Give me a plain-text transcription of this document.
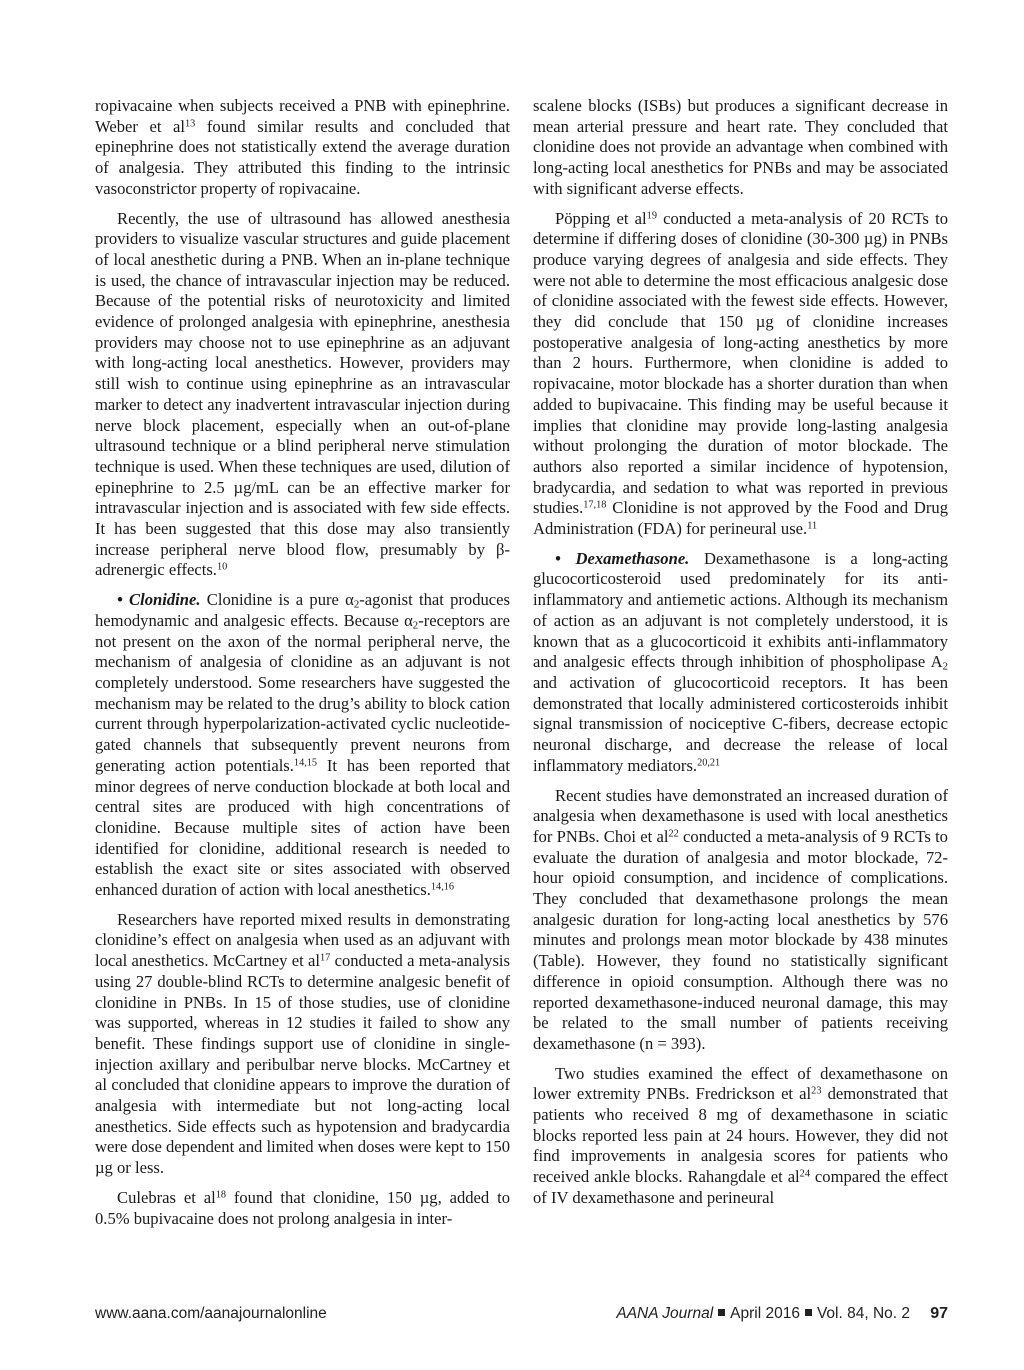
ropivacaine when subjects received a PNB with epinephrine. Weber et $al^{13}$ found similar results and concluded that epinephrine does not statistically extend the average duration of analgesia. They attributed this finding to the intrinsic vasoconstrictor property of ropivacaine.

Recently, the use of ultrasound has allowed anesthesia providers to visualize vascular structures and guide placement of local anesthetic during a PNB. When an in-plane technique is used, the chance of intravascular injection may be reduced. Because of the potential risks of neurotoxicity and limited evidence of prolonged analgesia with epinephrine, anesthesia providers may choose not to use epinephrine as an adjuvant with long-acting local anesthetics. However, providers may still wish to continue using epinephrine as an intravascular marker to detect any inadvertent intravascular injection during nerve block placement, especially when an out-of-plane ultrasound technique or a blind peripheral nerve stimulation technique is used. When these techniques are used, dilution of epinephrine to 2.5 µg/mL can be an effective marker for intravascular injection and is associated with few side effects. It has been suggested that this dose may also transiently increase peripheral nerve blood flow, presumably by β-adrenergic effects.$^{10}$

• Clonidine. Clonidine is a pure $\alpha_2$-agonist that produces hemodynamic and analgesic effects. Because $\alpha_2$-receptors are not present on the axon of the normal peripheral nerve, the mechanism of analgesia of clonidine as an adjuvant is not completely understood. Some researchers have suggested the mechanism may be related to the drug’s ability to block cation current through hyperpolarization-activated cyclic nucleotide-gated channels that subsequently prevent neurons from generating action potentials.$^{14,15}$ It has been reported that minor degrees of nerve conduction blockade at both local and central sites are produced with high concentrations of clonidine. Because multiple sites of action have been identified for clonidine, additional research is needed to establish the exact site or sites associated with observed enhanced duration of action with local anesthetics.$^{14,16}$

Researchers have reported mixed results in demonstrating clonidine’s effect on analgesia when used as an adjuvant with local anesthetics. McCartney et $al^{17}$ conducted a meta-analysis using 27 double-blind RCTs to determine analgesic benefit of clonidine in PNBs. In 15 of those studies, use of clonidine was supported, whereas in 12 studies it failed to show any benefit. These findings support use of clonidine in single-injection axillary and peribulbar nerve blocks. McCartney et al concluded that clonidine appears to improve the duration of analgesia with intermediate but not long-acting local anesthetics. Side effects such as hypotension and bradycardia were dose dependent and limited when doses were kept to 150 µg or less.

Culebras et $al^{18}$ found that clonidine, 150 µg, added to 0.5% bupivacaine does not prolong analgesia in inter-

scalene blocks (ISBs) but produces a significant decrease in mean arterial pressure and heart rate. They concluded that clonidine does not provide an advantage when combined with long-acting local anesthetics for PNBs and may be associated with significant adverse effects.

Pöpping et $al^{19}$ conducted a meta-analysis of 20 RCTs to determine if differing doses of clonidine (30-300 µg) in PNBs produce varying degrees of analgesia and side effects. They were not able to determine the most efficacious analgesic dose of clonidine associated with the fewest side effects. However, they did conclude that 150 µg of clonidine increases postoperative analgesia of long-acting anesthetics by more than 2 hours. Furthermore, when clonidine is added to ropivacaine, motor blockade has a shorter duration than when added to bupivacaine. This finding may be useful because it implies that clonidine may provide long-lasting analgesia without prolonging the duration of motor blockade. The authors also reported a similar incidence of hypotension, bradycardia, and sedation to what was reported in previous studies.$^{17,18}$ Clonidine is not approved by the Food and Drug Administration (FDA) for perineural use.$^{11}$

• Dexamethasone. Dexamethasone is a long-acting glucocorticosteroid used predominately for its anti-inflammatory and antiemetic actions. Although its mechanism of action as an adjuvant is not completely understood, it is known that as a glucocorticoid it exhibits anti-inflammatory and analgesic effects through inhibition of phospholipase $A_2$ and activation of glucocorticoid receptors. It has been demonstrated that locally administered corticosteroids inhibit signal transmission of nociceptive C-fibers, decrease ectopic neuronal discharge, and decrease the release of local inflammatory mediators.$^{20,21}$

Recent studies have demonstrated an increased duration of analgesia when dexamethasone is used with local anesthetics for PNBs. Choi et $al^{22}$ conducted a meta-analysis of 9 RCTs to evaluate the duration of analgesia and motor blockade, 72-hour opioid consumption, and incidence of complications. They concluded that dexamethasone prolongs the mean analgesic duration for long-acting local anesthetics by 576 minutes and prolongs mean motor blockade by 438 minutes (Table). However, they found no statistically significant difference in opioid consumption. Although there was no reported dexamethasone-induced neuronal damage, this may be related to the small number of patients receiving dexamethasone (n = 393).

Two studies examined the effect of dexamethasone on lower extremity PNBs. Fredrickson et $al^{23}$ demonstrated that patients who received 8 mg of dexamethasone in sciatic blocks reported less pain at 24 hours. However, they did not find improvements in analgesia scores for patients who received ankle blocks. Rahangdale et $al^{24}$ compared the effect of IV dexamethasone and perineural

www.aana.com/aanajournalonline	AANA Journal April 2016 Vol. 84, No. 2 97
